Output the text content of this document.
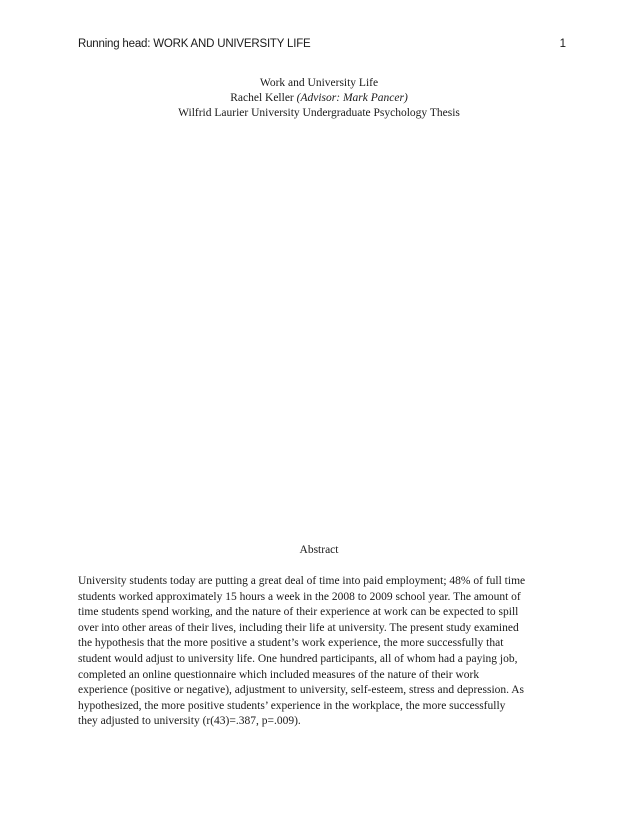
Running head: WORK AND UNIVERSITY LIFE	1
Work and University Life
Rachel Keller (Advisor: Mark Pancer)
Wilfrid Laurier University Undergraduate Psychology Thesis
Abstract
University students today are putting a great deal of time into paid employment; 48% of full time
students worked approximately 15 hours a week in the 2008 to 2009 school year. The amount of
time students spend working, and the nature of their experience at work can be expected to spill
over into other areas of their lives, including their life at university. The present study examined
the hypothesis that the more positive a student’s work experience, the more successfully that
student would adjust to university life. One hundred participants, all of whom had a paying job,
completed an online questionnaire which included measures of the nature of their work
experience (positive or negative), adjustment to university, self-esteem, stress and depression. As
hypothesized, the more positive students’ experience in the workplace, the more successfully
they adjusted to university (r(43)=.387, p=.009).
